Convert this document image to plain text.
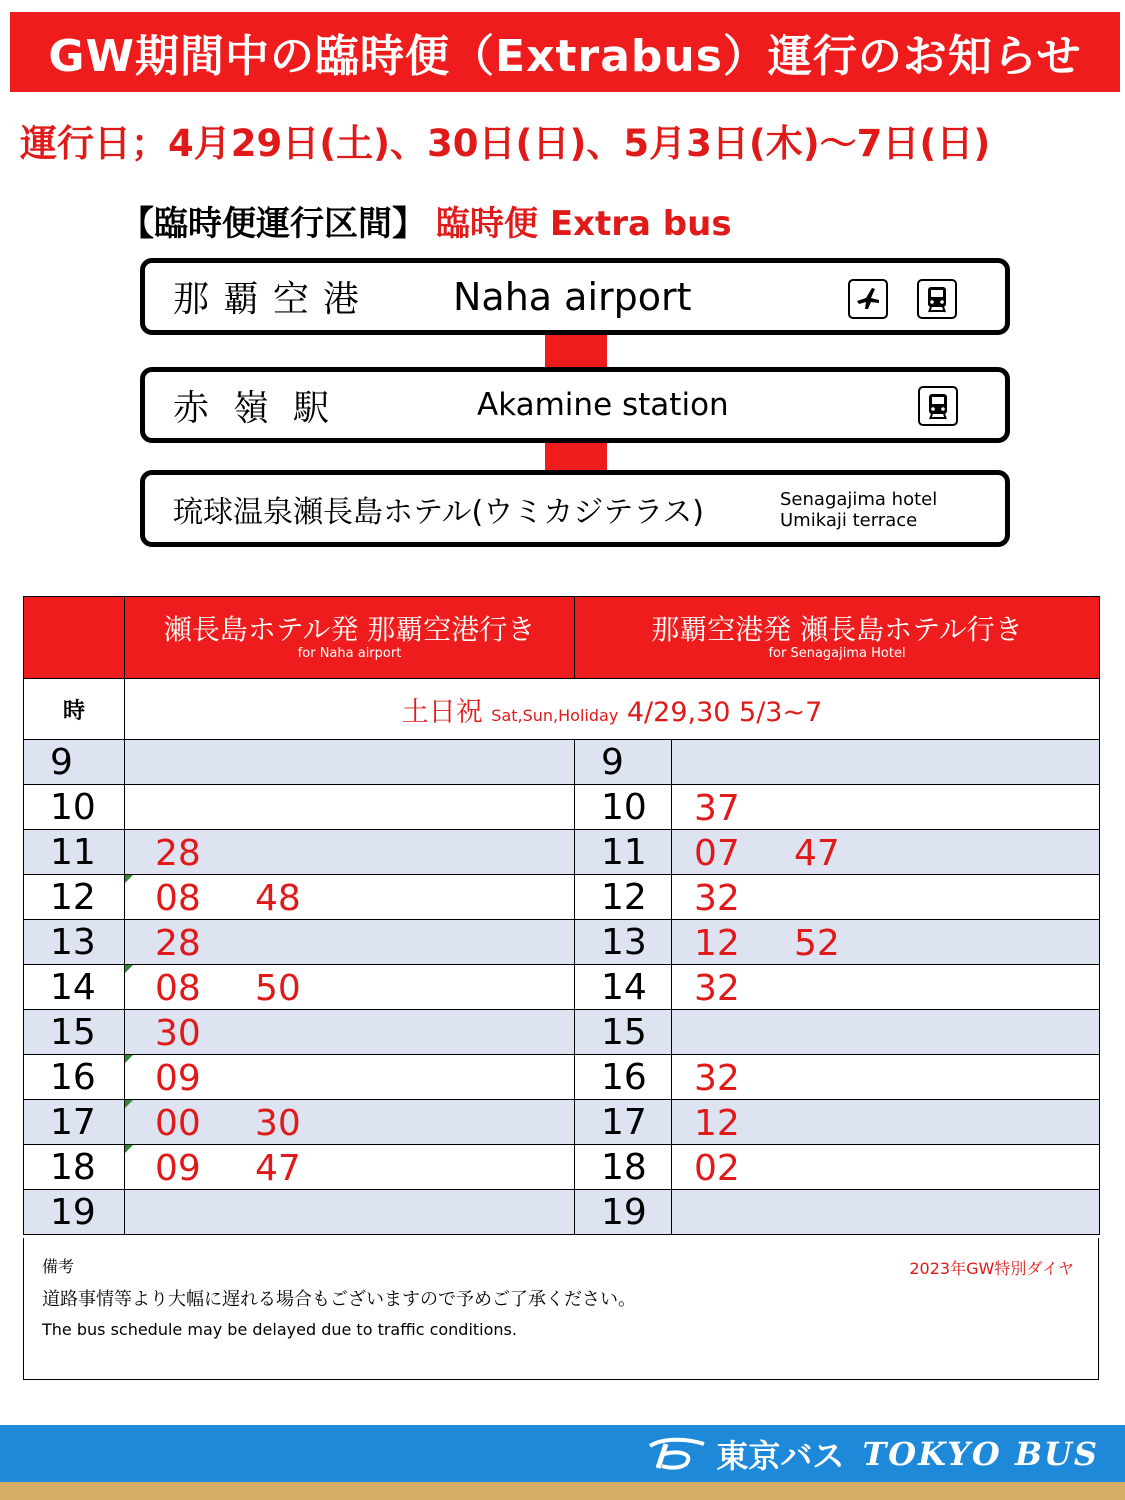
GW期間中の臨時便（Extrabus）運行のお知らせ
運行日；4月29日(土)、30日(日)、5月3日(木)～7日(日)
【臨時便運行区間】 臨時便 Extra bus
那覇空港 Naha airport
赤嶺駅	Akamine station
琉球温泉瀬長島ホテル(ウミカジテラス)	Senagajima hotel
Umikaji terrace

	瀬長島ホテル発 那覇空港行き
for Naha airport	那覇空港発 瀬長島ホテル行き
for Senagajima Hotel	

時	土日祝 Sat,Sun,Holiday 4/29,30 5/3~7		
9		9	
10		10	37

11	28	11	07 47

12	08 48	12	32

13	28	13	12 52

14	08 50	14	32

15	30	15	
16	09	16	32

17	00 30	17	12

18	09 47	18	02

19		19	
備考
道路事情等より大幅に遅れる場合もございますので予めご了承ください。
The bus schedule may be delayed due to traffic conditions.
2023年GW特別ダイヤ
東京バス TOKYO BUS
